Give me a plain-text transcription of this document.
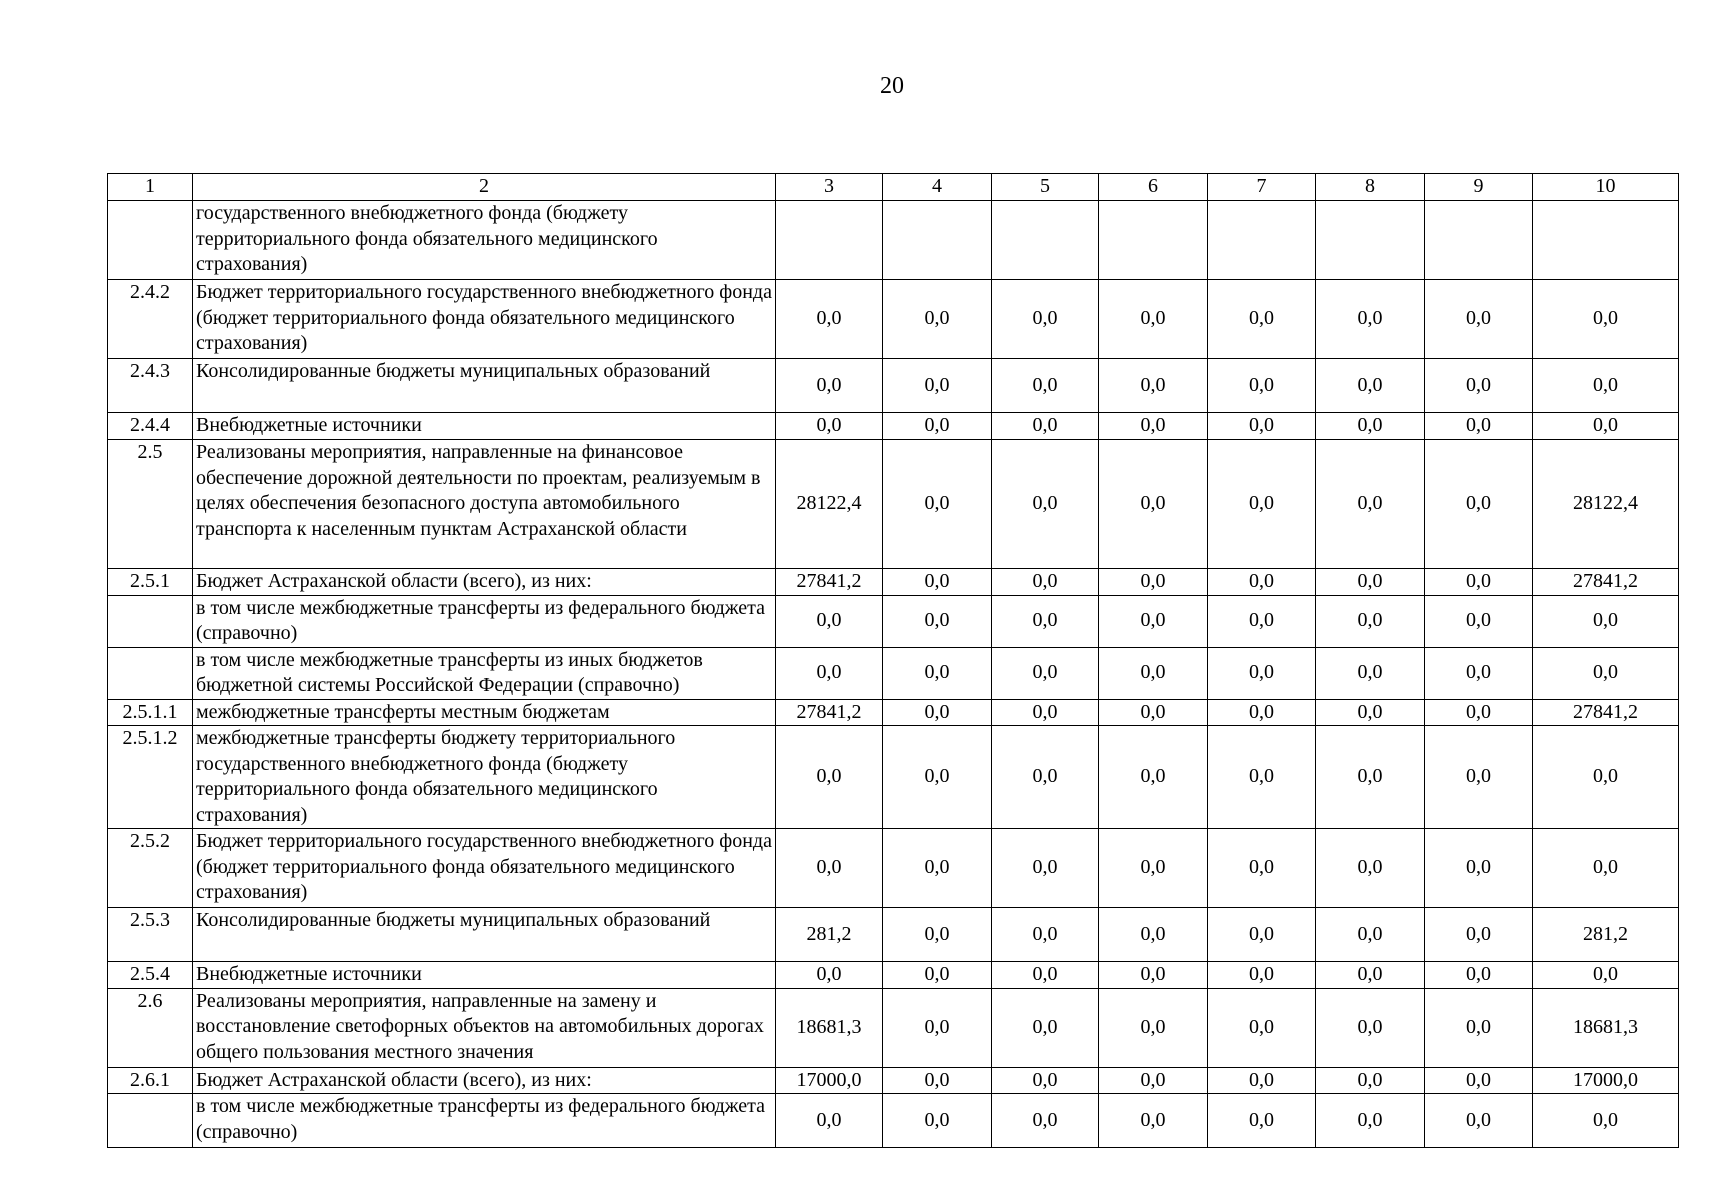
20
1	2	3	4	5	6	7	8	9	10
	государственного внебюджетного фонда (бюджету территориального фонда обязательного медицинского страхования)								
2.4.2	Бюджет территориального государственного внебюджетного фонда (бюджет территориального фонда обязательного медицинского страхования)	0,0	0,0	0,0	0,0	0,0	0,0	0,0	0,0
2.4.3	Консолидированные бюджеты муниципальных образований	0,0	0,0	0,0	0,0	0,0	0,0	0,0	0,0
2.4.4	Внебюджетные источники	0,0	0,0	0,0	0,0	0,0	0,0	0,0	0,0
2.5	Реализованы мероприятия, направленные на финансовое обеспечение дорожной деятельности по проектам, реализуемым в целях обеспечения безопасного доступа автомобильного транспорта к населенным пунктам Астраханской области	28122,4	0,0	0,0	0,0	0,0	0,0	0,0	28122,4
2.5.1	Бюджет Астраханской области (всего), из них:	27841,2	0,0	0,0	0,0	0,0	0,0	0,0	27841,2
	в том числе межбюджетные трансферты из федерального бюджета (справочно)	0,0	0,0	0,0	0,0	0,0	0,0	0,0	0,0
	в том числе межбюджетные трансферты из иных бюджетов бюджетной системы Российской Федерации (справочно)	0,0	0,0	0,0	0,0	0,0	0,0	0,0	0,0
2.5.1.1	межбюджетные трансферты местным бюджетам	27841,2	0,0	0,0	0,0	0,0	0,0	0,0	27841,2
2.5.1.2	межбюджетные трансферты бюджету территориального государственного внебюджетного фонда (бюджету территориального фонда обязательного медицинского страхования)	0,0	0,0	0,0	0,0	0,0	0,0	0,0	0,0
2.5.2	Бюджет территориального государственного внебюджетного фонда (бюджет территориального фонда обязательного медицинского страхования)	0,0	0,0	0,0	0,0	0,0	0,0	0,0	0,0
2.5.3	Консолидированные бюджеты муниципальных образований	281,2	0,0	0,0	0,0	0,0	0,0	0,0	281,2
2.5.4	Внебюджетные источники	0,0	0,0	0,0	0,0	0,0	0,0	0,0	0,0
2.6	Реализованы мероприятия, направленные на замену и восстановление светофорных объектов на автомобильных дорогах общего пользования местного значения	18681,3	0,0	0,0	0,0	0,0	0,0	0,0	18681,3
2.6.1	Бюджет Астраханской области (всего), из них:	17000,0	0,0	0,0	0,0	0,0	0,0	0,0	17000,0
	в том числе межбюджетные трансферты из федерального бюджета (справочно)	0,0	0,0	0,0	0,0	0,0	0,0	0,0	0,0
